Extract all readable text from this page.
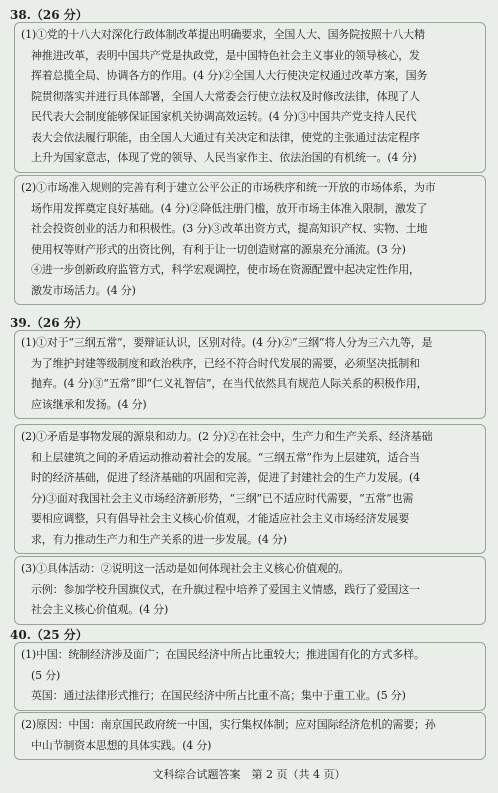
38.（26 分）
(1)①党的十八大对深化行政体制改革提出明确要求，全国人大、国务院按照十八大精
神推进改革，表明中国共产党是执政党，是中国特色社会主义事业的领导核心，发
挥着总揽全局、协调各方的作用。(4 分)②全国人大行使决定权通过改革方案，国务
院贯彻落实并进行具体部署，全国人大常委会行使立法权及时修改法律，体现了人
民代表大会制度能够保证国家机关协调高效运转。(4 分)③中国共产党支持人民代
表大会依法履行职能，由全国人大通过有关决定和法律，使党的主张通过法定程序
上升为国家意志，体现了党的领导、人民当家作主、依法治国的有机统一。(4 分)
(2)①市场准入规则的完善有利于建立公平公正的市场秩序和统一开放的市场体系，为市
场作用发挥奠定良好基础。(4 分)②降低注册门槛，放开市场主体准入限制，激发了
社会投资创业的活力和积极性。(3 分)③改革出资方式，提高知识产权、实物、土地
使用权等财产形式的出资比例，有利于让一切创造财富的源泉充分涌流。(3 分)
④进一步创新政府监管方式，科学宏观调控，使市场在资源配置中起决定性作用，
激发市场活力。(4 分)
39.（26 分）
(1)①对于“三纲五常”，要辩证认识，区别对待。(4 分)②“三纲”将人分为三六九等，是
为了维护封建等级制度和政治秩序，已经不符合时代发展的需要，必须坚决抵制和
抛弃。(4 分)③“五常”即“仁义礼智信”，在当代依然具有规范人际关系的积极作用，
应该继承和发扬。(4 分)
(2)①矛盾是事物发展的源泉和动力。(2 分)②在社会中，生产力和生产关系、经济基础
和上层建筑之间的矛盾运动推动着社会的发展。“三纲五常”作为上层建筑，适合当
时的经济基础，促进了经济基础的巩固和完善，促进了封建社会的生产力发展。(4
分)③面对我国社会主义市场经济新形势，“三纲”已不适应时代需要，“五常”也需
要相应调整，只有倡导社会主义核心价值观，才能适应社会主义市场经济发展要
求，有力推动生产力和生产关系的进一步发展。(4 分)
(3)①具体活动：②说明这一活动是如何体现社会主义核心价值观的。
示例：参加学校升国旗仪式，在升旗过程中培养了爱国主义情感，践行了爱国这一
社会主义核心价值观。(4 分)
40.（25 分）
(1)中国：统制经济涉及面广；在国民经济中所占比重较大；推进国有化的方式多样。
(5 分)
英国：通过法律形式推行；在国民经济中所占比重不高；集中于重工业。(5 分)
(2)原因：中国：南京国民政府统一中国，实行集权体制；应对国际经济危机的需要；孙
中山节制资本思想的具体实践。(4 分)
文科综合试题答案　第 2 页（共 4 页）
